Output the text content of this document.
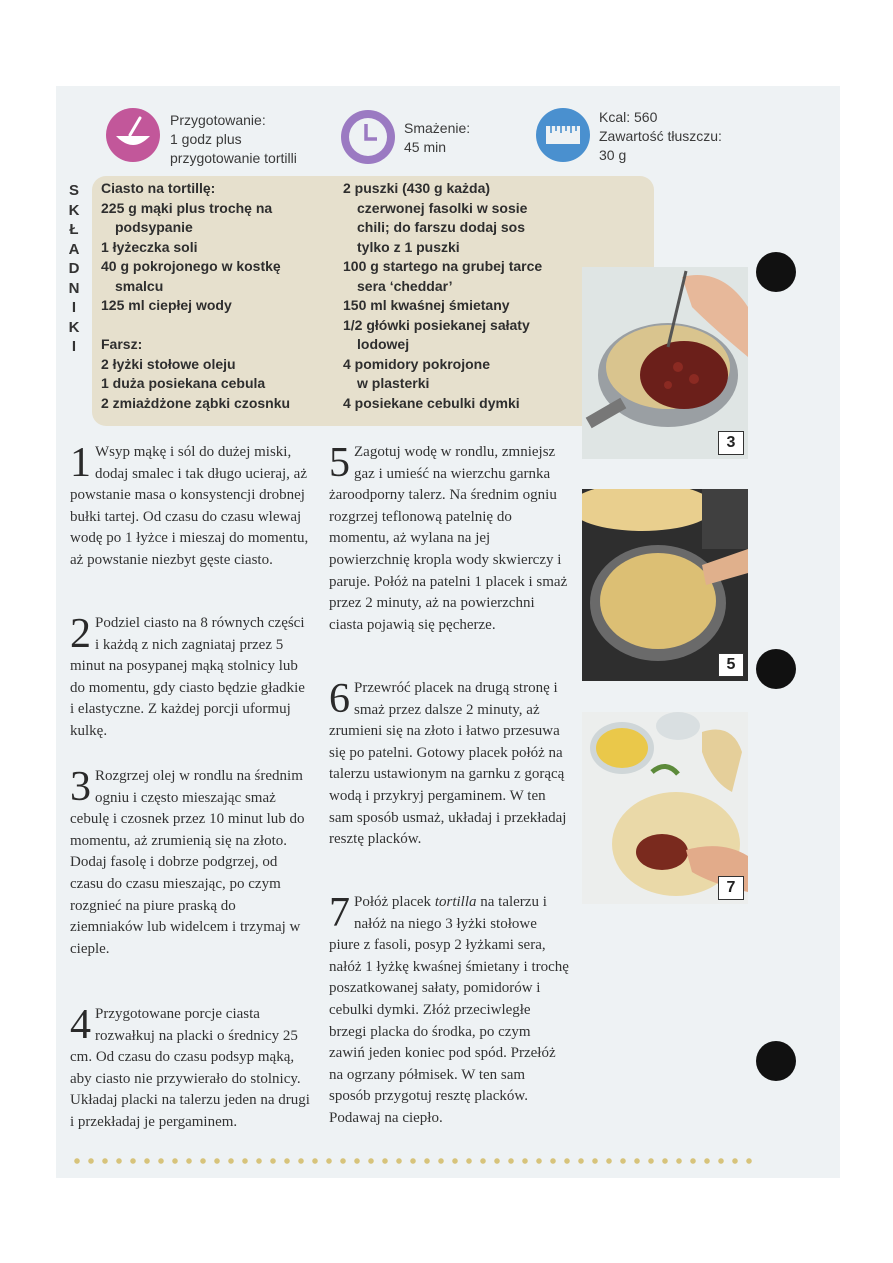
Przygotowanie:
1 godz plus
przygotowanie tortilli
Smażenie:
45 min
Kcal: 560
Zawartość tłuszczu:
30 g
S
K
Ł
A
D
N
I
K
I
Ciasto na tortillę:
225 g mąki plus trochę na
podsypanie
1 łyżeczka soli
40 g pokrojonego w kostkę
smalcu
125 ml ciepłej wody
Farsz:
2 łyżki stołowe oleju
1 duża posiekana cebula
2 zmiażdżone ząbki czosnku
2 puszki (430 g każda)
czerwonej fasolki w sosie
chili; do farszu dodaj sos
tylko z 1 puszki
100 g startego na grubej tarce
sera ‘cheddar’
150 ml kwaśnej śmietany
1/2 główki posiekanej sałaty
lodowej
4 pomidory pokrojone
w plasterki
4 posiekane cebulki dymki
1 Wsyp mąkę i sól do dużej miski, dodaj smalec i tak długo ucieraj, aż powstanie masa o konsystencji drobnej bułki tartej. Od czasu do czasu wlewaj wodę po 1 łyżce i mieszaj do momentu, aż powstanie niezbyt gęste ciasto.
2 Podziel ciasto na 8 równych części i każdą z nich zagniataj przez 5 minut na posypanej mąką stolnicy lub do momentu, gdy ciasto będzie gładkie i elastyczne. Z każdej porcji uformuj kulkę.
3 Rozgrzej olej w rondlu na średnim ogniu i często mieszając smaż cebulę i czosnek przez 10 minut lub do momentu, aż zrumienią się na złoto. Dodaj fasolę i dobrze podgrzej, od czasu do czasu mieszając, po czym rozgnieć na piure praską do ziemniaków lub widelcem i trzymaj w cieple.
4 Przygotowane porcje ciasta rozwałkuj na placki o średnicy 25 cm. Od czasu do czasu podsyp mąką, aby ciasto nie przywierało do stolnicy. Układaj placki na talerzu jeden na drugi i przekładaj je pergaminem.
5 Zagotuj wodę w rondlu, zmniejsz gaz i umieść na wierzchu garnka żaroodporny talerz. Na średnim ogniu rozgrzej teflonową patelnię do momentu, aż wylana na jej powierzchnię kropla wody skwierczy i paruje. Połóż na patelni 1 placek i smaż przez 2 minuty, aż na powierzchni ciasta pojawią się pęcherze.
6 Przewróć placek na drugą stronę i smaż przez dalsze 2 minuty, aż zrumieni się na złoto i łatwo przesuwa się po patelni. Gotowy placek połóż na talerzu ustawionym na garnku z gorącą wodą i przykryj pergaminem. W ten sam sposób usmaż, układaj i przekładaj resztę placków.
7 Połóż placek tortilla na talerzu i nałóż na niego 3 łyżki stołowe piure z fasoli, posyp 2 łyżkami sera, nałóż 1 łyżkę kwaśnej śmietany i trochę poszatkowanej sałaty, pomidorów i cebulki dymki. Złóż przeciwległe brzegi placka do środka, po czym zawiń jeden koniec pod spód. Przełóż na ogrzany półmisek. W ten sam sposób przygotuj resztę placków. Podawaj na ciepło.
3
5
7
